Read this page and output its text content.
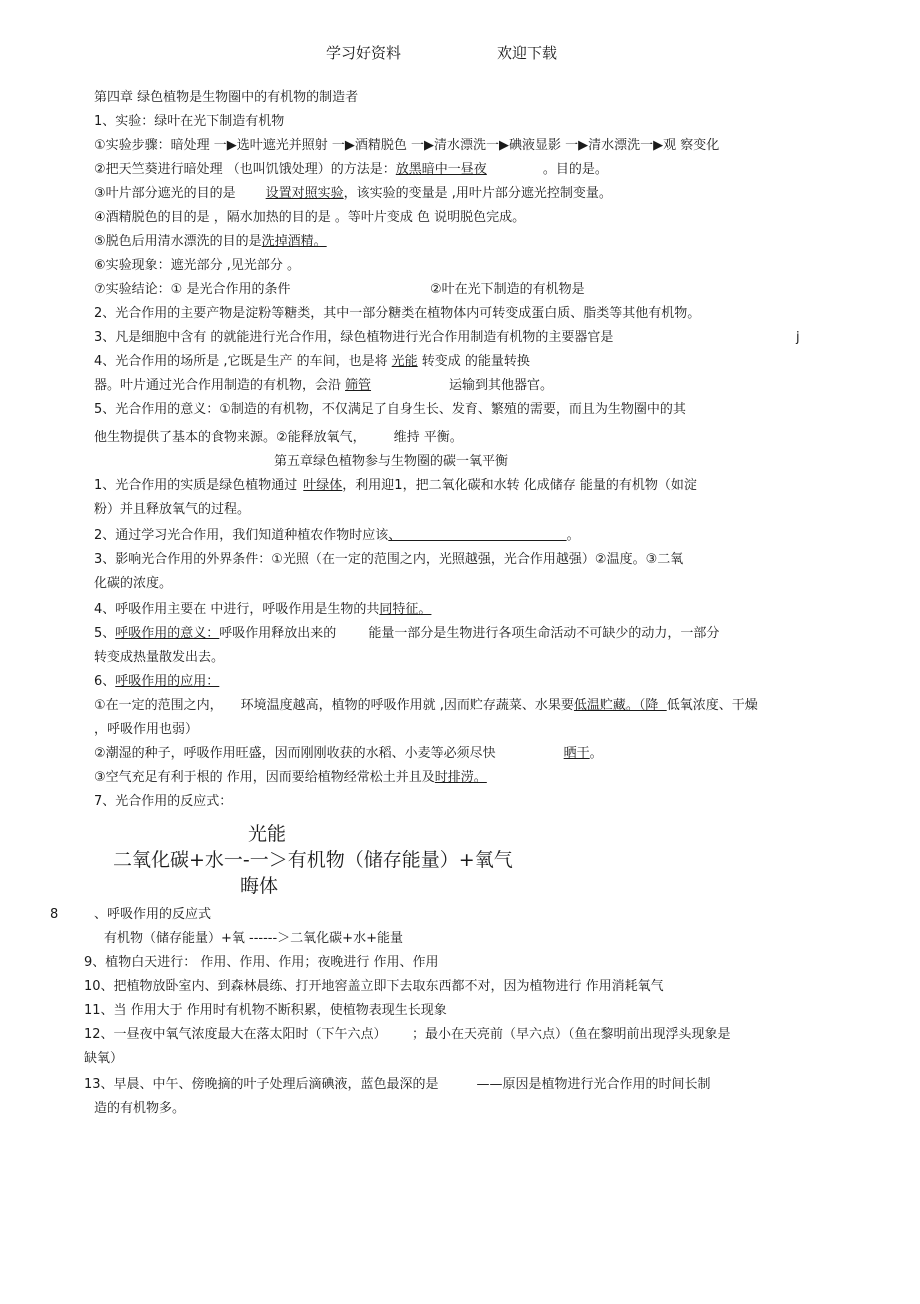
学习好资料	欢迎下载
第四章 绿色植物是生物圈中的有机物的制造者
1、实验：绿叶在光下制造有机物
①实验步骤：暗处理 一▶选叶遮光并照射 一▶酒精脱色 一▶清水漂洗一▶碘液显影 一▶清水漂洗一▶观 察变化
②把天竺葵进行暗处理 （也叫饥饿处理）的方法是：放黑暗中一昼夜	。目的是。
③叶片部分遮光的目的是 设置对照实验，该实验的变量是 ,用叶片部分遮光控制变量。
④酒精脱色的目的是 ，隔水加热的目的是 。等叶片变成 色 说明脱色完成。
⑤脱色后用清水漂洗的目的是洗掉酒精。
⑥实验现象：遮光部分 ,见光部分 。
⑦实验结论：① 是光合作用的条件	②叶在光下制造的有机物是
2、光合作用的主要产物是淀粉等糖类，其中一部分糖类在植物体内可转变成蛋白质、脂类等其他有机物。
3、凡是细胞中含有 的就能进行光合作用，绿色植物进行光合作用制造有机物的主要器官是	j
4、光合作用的场所是 ,它既是生产 的车间，也是将 光能 转变成 的能量转换
器。叶片通过光合作用制造的有机物，会沿 筛管	运输到其他器官。
5、光合作用的意义：①制造的有机物，不仅满足了自身生长、发育、繁殖的需要，而且为生物圈中的其
他生物提供了基本的食物来源。②能释放氧气， 维持 平衡。
第五章绿色植物参与生物圈的碳一氧平衡
1、光合作用的实质是绿色植物通过 叶绿体，利用迎1，把二氧化碳和水转 化成储存 能量的有机物（如淀
粉）并且释放氧气的过程。
2、通过学习光合作用，我们知道种植农作物时应该、                                        。
3、影响光合作用的外界条件：①光照（在一定的范围之内，光照越强，光合作用越强）②温度。③二氧
化碳的浓度。
4、呼吸作用主要在 中进行，呼吸作用是生物的共同特征。
5、呼吸作用的意义：呼吸作用释放出来的 能量一部分是生物进行各项生命活动不可缺少的动力，一部分
转变成热量散发出去。
6、呼吸作用的应用：
①在一定的范围之内， 环境温度越高，植物的呼吸作用就 ,因而贮存蔬菜、水果要低温贮藏。（降  低氧浓度、干燥
，呼吸作用也弱）
②潮湿的种子，呼吸作用旺盛，因而刚刚收获的水稻、小麦等必须尽快	晒干。
③空气充足有利于根的 作用，因而要给植物经常松土并且及时排涝。
7、光合作用的反应式：
光能
二氧化碳+水一-一＞有机物（储存能量）+氧气
晦体
8	、呼吸作用的反应式
有机物（储存能量）+氧 ------＞二氧化碳+水+能量
9、植物白天进行： 作用、作用、作用；夜晚进行 作用、作用
10、把植物放卧室内、到森林晨练、打开地窖盖立即下去取东西都不对，因为植物进行 作用消耗氧气
11、当 作用大于 作用时有机物不断积累，使植物表现生长现象
12、一昼夜中氧气浓度最大在落太阳时（下午六点） ；最小在天亮前（早六点）（鱼在黎明前出现浮头现象是
缺氧）
13、早晨、中午、傍晚摘的叶子处理后滴碘液，蓝色最深的是	——原因是植物进行光合作用的时间长制
造的有机物多。
